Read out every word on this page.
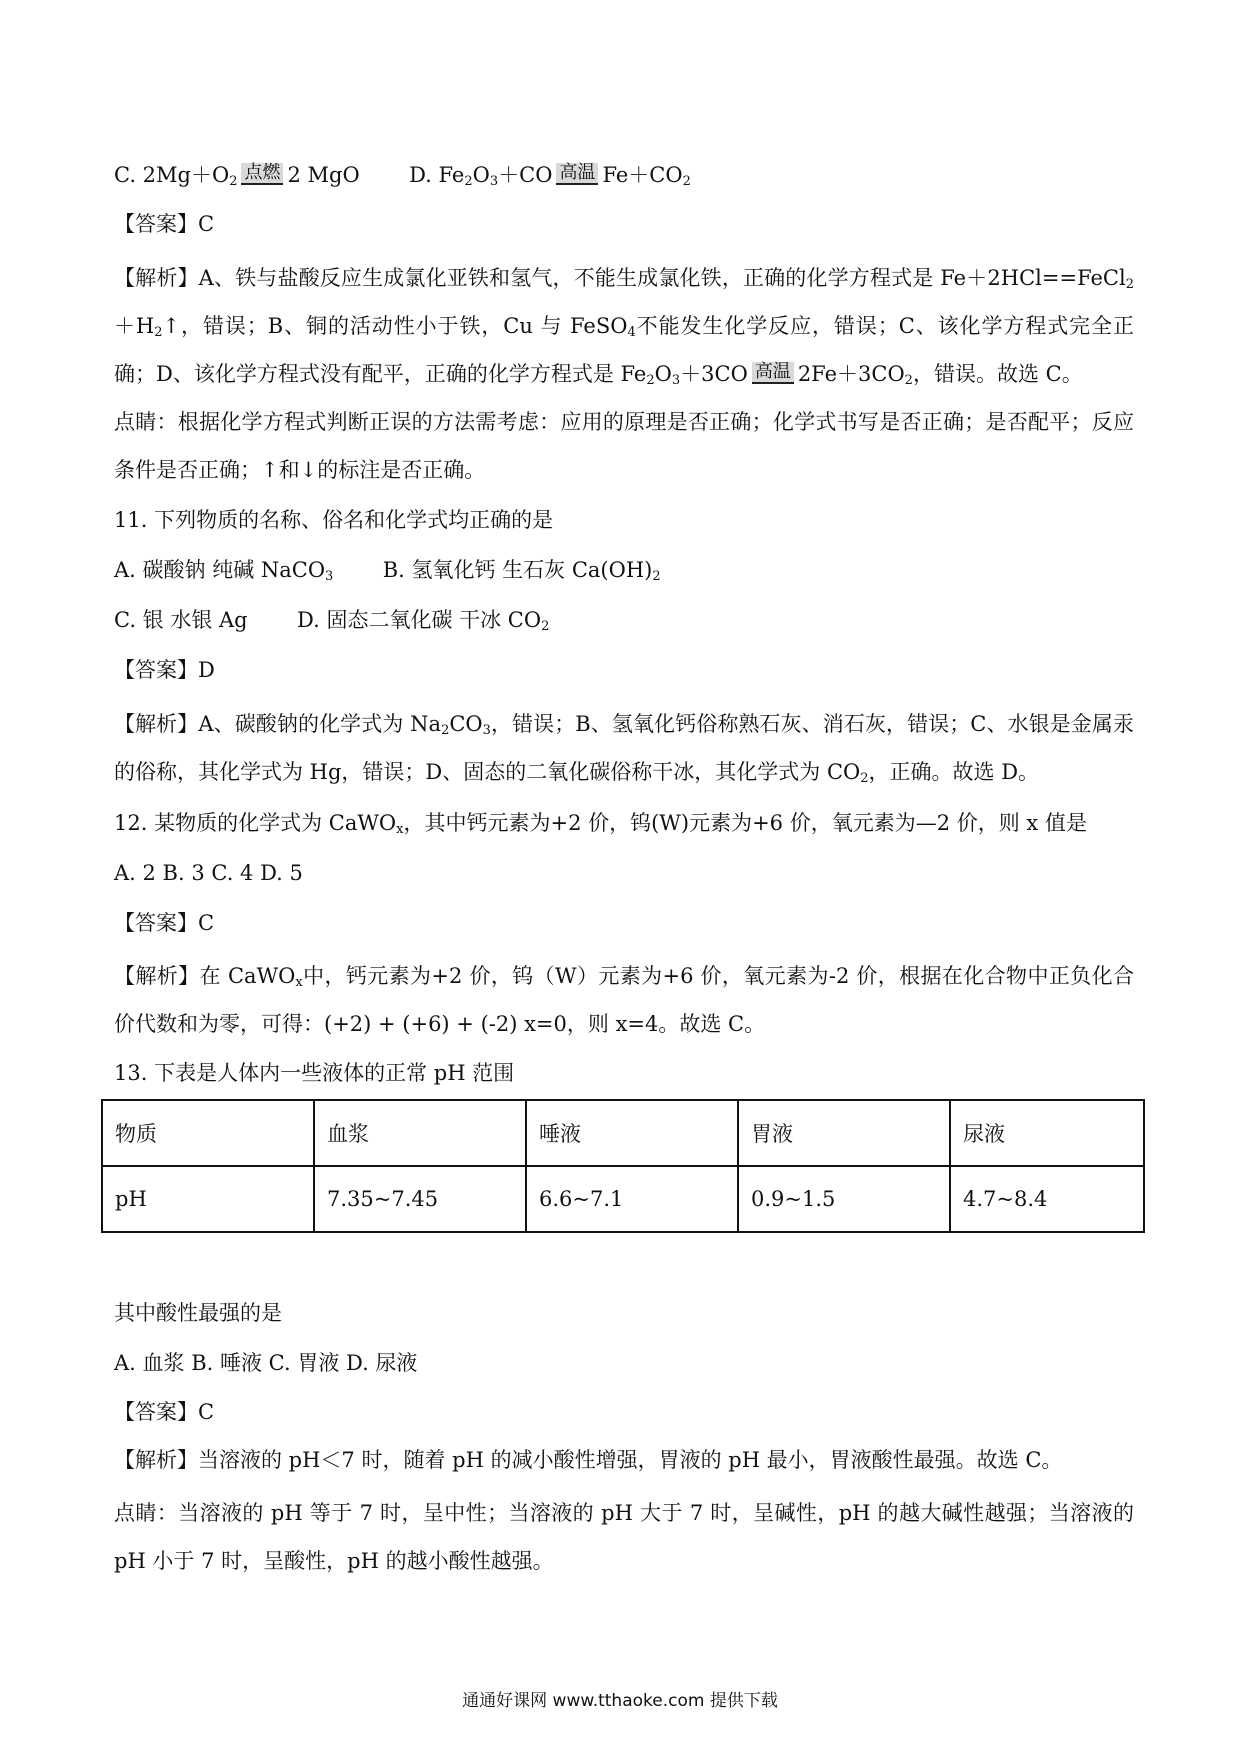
C. $2Mg+O_2$ 点燃 2 MgO D. $Fe_2O_3+CO$ 高温 $Fe+CO_2$
【答案】C
【解析】A、铁与盐酸反应生成氯化亚铁和氢气，不能生成氯化铁，正确的化学方程式是 $Fe+2HCl==FeCl_2+H_2↑$，错误；B、铜的活动性小于铁，Cu 与 FeSO$_4$不能发生化学反应，错误；C、该化学方程式完全正确；D、该化学方程式没有配平，正确的化学方程式是 $Fe_2O_3+3CO$ 高温 $2Fe+3CO_2$，错误。故选 C。
点睛：根据化学方程式判断正误的方法需考虑：应用的原理是否正确；化学式书写是否正确；是否配平；反应条件是否正确；↑和↓的标注是否正确。
11. 下列物质的名称、俗名和化学式均正确的是
A. 碳酸钠 纯碱 NaCO$_3$ B. 氢氧化钙 生石灰 $Ca(OH)_2$
C. 银 水银 Ag D. 固态二氧化碳 干冰 $CO_2$
【答案】D
【解析】A、碳酸钠的化学式为 $Na_2CO_3$，错误；B、氢氧化钙俗称熟石灰、消石灰，错误；C、水银是金属汞的俗称，其化学式为 Hg，错误；D、固态的二氧化碳俗称干冰，其化学式为 $CO_2$，正确。故选 D。
12. 某物质的化学式为 CaWO$_x$，其中钙元素为+2 价，钨(W)元素为+6 价，氧元素为—2 价，则 x 值是
A. 2 B. 3 C. 4 D. 5
【答案】C
【解析】在 CaWO$_x$中，钙元素为+2 价，钨（W）元素为+6 价，氧元素为-2 价，根据在化合物中正负化合价代数和为零，可得：(+2) + (+6) + (-2) x=0，则 x=4。故选 C。
13. 下表是人体内一些液体的正常 pH 范围
物质	血浆	唾液	胃液	尿液
pH	7.35~7.45	6.6~7.1	0.9~1.5	4.7~8.4
其中酸性最强的是
A. 血浆 B. 唾液 C. 胃液 D. 尿液
【答案】C
【解析】当溶液的 pH＜7 时，随着 pH 的减小酸性增强，胃液的 pH 最小，胃液酸性最强。故选 C。
点睛：当溶液的 pH 等于 7 时，呈中性；当溶液的 pH 大于 7 时，呈碱性，pH 的越大碱性越强；当溶液的 pH 小于 7 时，呈酸性，pH 的越小酸性越强。
通通好课网 www.tthaoke.com 提供下载
